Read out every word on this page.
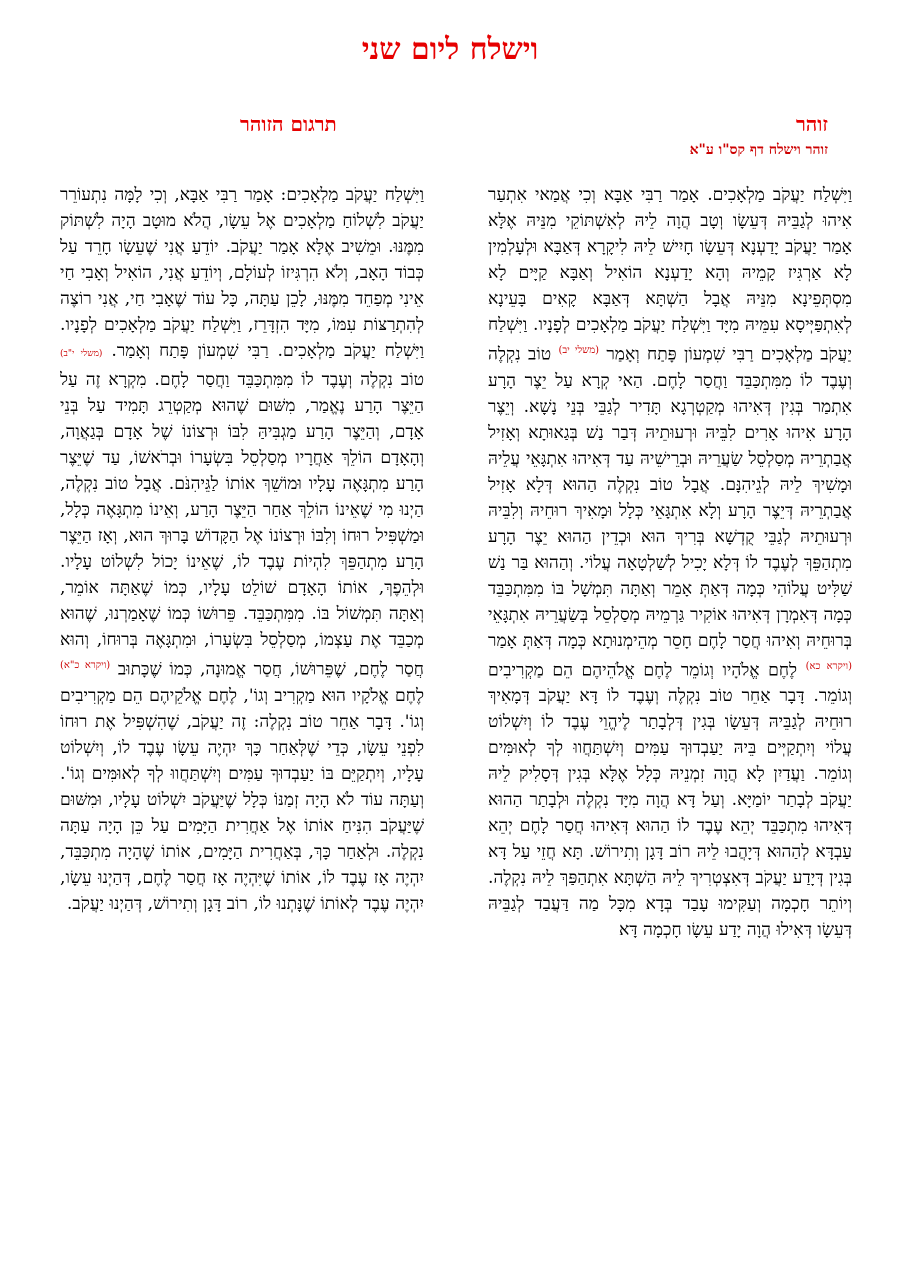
וישלח ליום שני
זוהר
תרגום הזוהר
זוהר וישלח דף קס"ו ע"א
וַיִּשְׁלַח יַעֲקֹב מַלְאָכִים. אָמַר רַבִּי אַבָּא וְכִי אֲמַאי אִתְעַר אִיהוּ לְגַבֵּיהּ דְּעֵשָׂו וְטָב הֲוָה לֵיהּ לְאִשְׁתּוֹקֵי מִנֵּיהּ אֶלָּא אָמַר יַעֲקֹב יָדַעְנָא דְּעֵשָׂו חָיִישׁ לֵיהּ לִיקָרָא דְּאַבָּא וּלְעָלְמִין לָא אַרְגִּיז קָמֵיהּ וְהָא יָדַעְנָא הוֹאִיל וְאַבָּא קַיָּים לָא מִסְתְּפֵינָא מִנֵּיהּ אֲבָל הַשְׁתָּא דְּאַבָּא קָאִים בָּעֵינָא לְאִתְפַּיְּיסָא עִמֵּיהּ מִיָּד וַיִּשְׁלַח יַעֲקֹב מַלְאָכִים לְפָנָיו. וַיִּשְׁלַח יַעֲקֹב מַלְאָכִים רַבִּי שִׁמְעוֹן פָּתַח וְאָמַר $^{(משלי יב)}$ טוֹב נִקְלֶה וְעֶבֶד לוֹ מִמִּתְכַּבֵּד וַחֲסַר לָחֶם. הַאי קְרָא עַל יֵצֶר הָרָע אִתְמַר בְּגִין דְּאִיהוּ מְקַטְרְגָא תָּדִיר לְגַבֵּי בְּנֵי נָשָׁא. וְיֵצֶר הָרָע אִיהוּ אָרִים לִבֵּיהּ וּרְעוּתֵיהּ דְּבַר נַשׁ בְּגַאוּתָא וְאָזִיל אֲבַתְרֵיהּ מְסַלְסֵל שַׂעֲרֵיהּ וּבְרֵישֵׁיהּ עַד דְּאִיהוּ אִתְגָּאֵי עֲלֵיהּ וּמָשִׁיךְ לֵיהּ לְגֵיהִנָּם. אֲבָל טוֹב נִקְלֶה הַהוּא דְּלָא אָזִיל אֲבַתְרֵיהּ דְּיֵצֶר הָרָע וְלָא אִתְגָּאֵי כְּלָל וּמָאִיךְ רוּחֵיהּ וְלִבֵּיהּ וּרְעוּתֵיהּ לְגַבֵּי קֻדְשָׁא בְּרִיךְ הוּא וּכְדֵין הַהוּא יֵצֶר הָרָע מִתְהַפֵּךְ לְעֶבֶד לוֹ דְּלָא יָכִיל לְשַׁלְטָאָה עֲלוֹי. וְהַהוּא בַּר נַשׁ שַׁלִּיט עֲלוֹהִי כְּמָה דְּאַתְּ אָמֵר וְאַתָּה תִּמְשָׁל בּוֹ מִמִּתְכַּבֵּד כְּמָה דְּאִמְרָן דְּאִיהוּ אוֹקִיר גַּרְמֵיהּ מְסַלְסֵל בְּשַׂעֲרֵיהּ אִתְגָּאֵי בְּרוּחֵיהּ וְאִיהוּ חֲסַר לָחֶם חָסֵר מְהֵימְנוּתָא כְּמָה דְּאַתְּ אָמַר $^{(ויקרא כא)}$ לֶחֶם אֱלֹהָיו וְגוֹמֵר לֶחֶם אֱלֹהֵיהֶם הֵם מַקְרִיבִים וְגוֹמֵר. דָּבָר אַחֵר טוֹב נִקְלֶה וְעֶבֶד לוֹ דָּא יַעֲקֹב דְּמָאִיךְ רוּחֵיהּ לְגַבֵּיהּ דְּעֵשָׂו בְּגִין דְּלְבָתַר לֶיהֱוֵי עֶבֶד לוֹ וְיִשְׁלוֹט עֲלוֹי וְיִתְקַיְּים בֵּיהּ יַעַבְדוּךָ עַמִּים וְיִשְׁתַּחֲווּ לְךָ לְאוּמִּים וְגוֹמֵר. וַעֲדַיִן לָא הֲוָה זִמְנֵיהּ כְּלָל אֶלָּא בְּגִין דְּסָלִיק לֵיהּ יַעֲקֹב לְבָתַר יוֹמַיָּא. וְעַל דָּא הֲוָה מִיָּד נִקְלֶה וּלְבָתַר הַהוּא דְּאִיהוּ מִתְכַּבֵּד יְהֵא עֶבֶד לוֹ הַהוּא דְּאִיהוּ חֲסַר לָחֶם יְהֵא עַבְדָּא לְהַהוּא דְּיָהֲבוּ לֵיהּ רוֹב דָּגָן וְתִירוֹשׁ. תָּא חֲזֵי עַל דָּא בְּגִין דְּיָדַע יַעֲקֹב דְּאִצְטְרִיךְ לֵיהּ הַשְׁתָּא אִתְהַפַּךְ לֵיהּ נִקְלֶה. וְיוֹתֵר חָכְמָה וְעַקִּימוּ עָבַד בְּדָא מִכָּל מַה דַּעֲבַד לְגַבֵּיהּ דְּעֵשָׂו דְּאִילוּ הֲוָה יָדַע עֵשָׂו חָכְמָה דָּא
וַיִּשְׁלַח יַעֲקֹב מַלְאָכִים: אָמַר רַבִּי אַבָּא, וְכִי לָמָּה נִתְעוֹרֵר יַעֲקֹב לִשְׁלוֹחַ מַלְאָכִים אֶל עֵשָׂו, הֲלֹא מוּטָב הָיָה לִשְׁתּוֹק מִמֶּנּוּ. וּמֵשִׁיב אֶלָּא אָמַר יַעֲקֹב. יוֹדֵעַ אֲנִי שֶׁעֵשָׂו חָרֵד עַל כְּבוֹד הָאָב, וְלֹא הִרְגִּיזוֹ לְעוֹלָם, וְיוֹדֵעַ אֲנִי, הוֹאִיל וְאָבִי חַי אֵינִי מְפַחֵד מִמֶּנּוּ, לָכֵן עַתָּה, כָּל עוֹד שֶׁאָבִי חַי, אֲנִי רוֹצֶה לְהִתְרַצּוֹת עִמּוֹ, מִיָּד הִזְדָּרֵז, וַיִּשְׁלַח יַעֲקֹב מַלְאָכִים לְפָנָיו. וַיִּשְׁלַח יַעֲקֹב מַלְאָכִים. רַבִּי שִׁמְעוֹן פָּתַח וְאָמַר. (משלי י"ב) טוֹב נִקְלֶה וְעֶבֶד לוֹ מִמִּתְכַּבֵּד וַחֲסַר לָחֶם. מִקְרָא זֶה עַל הַיֵּצֶר הָרַע נֶאֱמַר, מִשּׁוּם שֶׁהוּא מְקַטְרֵג תָּמִיד עַל בְּנֵי אָדָם, וְהַיֵּצֶר הָרַע מַגְבִּיהַּ לִבּוֹ וּרְצוֹנוֹ שֶׁל אָדָם בְּגַאֲוָה, וְהָאָדָם הוֹלֵךְ אַחֲרָיו מְסַלְסֵל בִּשְׂעָרוֹ וּבְרֹאשׁוֹ, עַד שֶׁיֵּצֶר הָרַע מִתְגָּאֶה עָלָיו וּמוֹשֵׁךְ אוֹתוֹ לַגֵּיהִנֹּם. אֲבָל טוֹב נִקְלֶה, הַיְנוּ מִי שֶׁאֵינוֹ הוֹלֵךְ אַחַר הַיֵּצֶר הָרַע, וְאֵינוֹ מִתְגָּאֶה כְּלָל, וּמַשְׁפִּיל רוּחוֹ וְלִבּוֹ וּרְצוֹנוֹ אֶל הַקָּדוֹשׁ בָּרוּךְ הוּא, וְאָז הַיֵּצֶר הָרַע מִתְהַפֵּךְ לִהְיוֹת עֶבֶד לוֹ, שֶׁאֵינוֹ יָכוֹל לִשְׁלוֹט עָלָיו. וּלְהֵפֶךְ, אוֹתוֹ הָאָדָם שׁוֹלֵט עָלָיו, כְּמוֹ שֶׁאַתָּה אוֹמֵר, וְאַתָּה תִּמְשׁוֹל בּוֹ. מִמִּתְכַּבֵּד. פֵּרוּשׁוֹ כְּמוֹ שֶׁאָמַרְנוּ, שֶׁהוּא מְכַבֵּד אֶת עַצְמוֹ, מְסַלְסֵל בִּשְׂעָרוֹ, וּמִתְגָּאֶה בְּרוּחוֹ, וְהוּא חֲסַר לֶחֶם, שֶׁפֵּרוּשׁוֹ, חֲסַר אֱמוּנָה, כְּמוֹ שֶׁכָּתוּב $^{(ויקרא כ"א)}$ לֶחֶם אֱלֹקָיו הוּא מַקְרִיב וְגוֹ', לֶחֶם אֱלֹקֵיהֶם הֵם מַקְרִיבִים וְגוֹ'. דָּבָר אַחֵר טוֹב נִקְלֶה: זֶה יַעֲקֹב, שֶׁהִשְׁפִּיל אֶת רוּחוֹ לִפְנֵי עֵשָׂו, כְּדֵי שֶׁלְּאַחַר כָּךְ יִהְיֶה עֵשָׂו עֶבֶד לוֹ, וְיִשְׁלוֹט עָלָיו, וְיִתְקַיֵּם בּוֹ יַעַבְדוּךָ עַמִּים וְיִשְׁתַּחֲווּ לְךָ לְאוּמִּים וְגוֹ'. וְעַתָּה עוֹד לֹא הָיָה זְמַנּוֹ כְּלָל שֶׁיַּעֲקֹב יִשְׁלוֹט עָלָיו, וּמִשּׁוּם שֶׁיַּעֲקֹב הִנִּיחַ אוֹתוֹ אֶל אַחֲרִית הַיָּמִים עַל כֵּן הָיָה עַתָּה נִקְלֶה. וּלְאַחַר כָּךְ, בְּאַחֲרִית הַיָּמִים, אוֹתוֹ שֶׁהָיָה מִתְכַּבֵּד, יִהְיֶה אָז עֶבֶד לוֹ, אוֹתוֹ שֶׁיִּהְיֶה אָז חֲסַר לֶחֶם, דְּהַיְנוּ עֵשָׂו, יִהְיֶה עֶבֶד לְאוֹתוֹ שֶׁנָּתְנוּ לוֹ, רוֹב דָּגָן וְתִירוֹשׁ, דְּהַיְנוּ יַעֲקֹב.
